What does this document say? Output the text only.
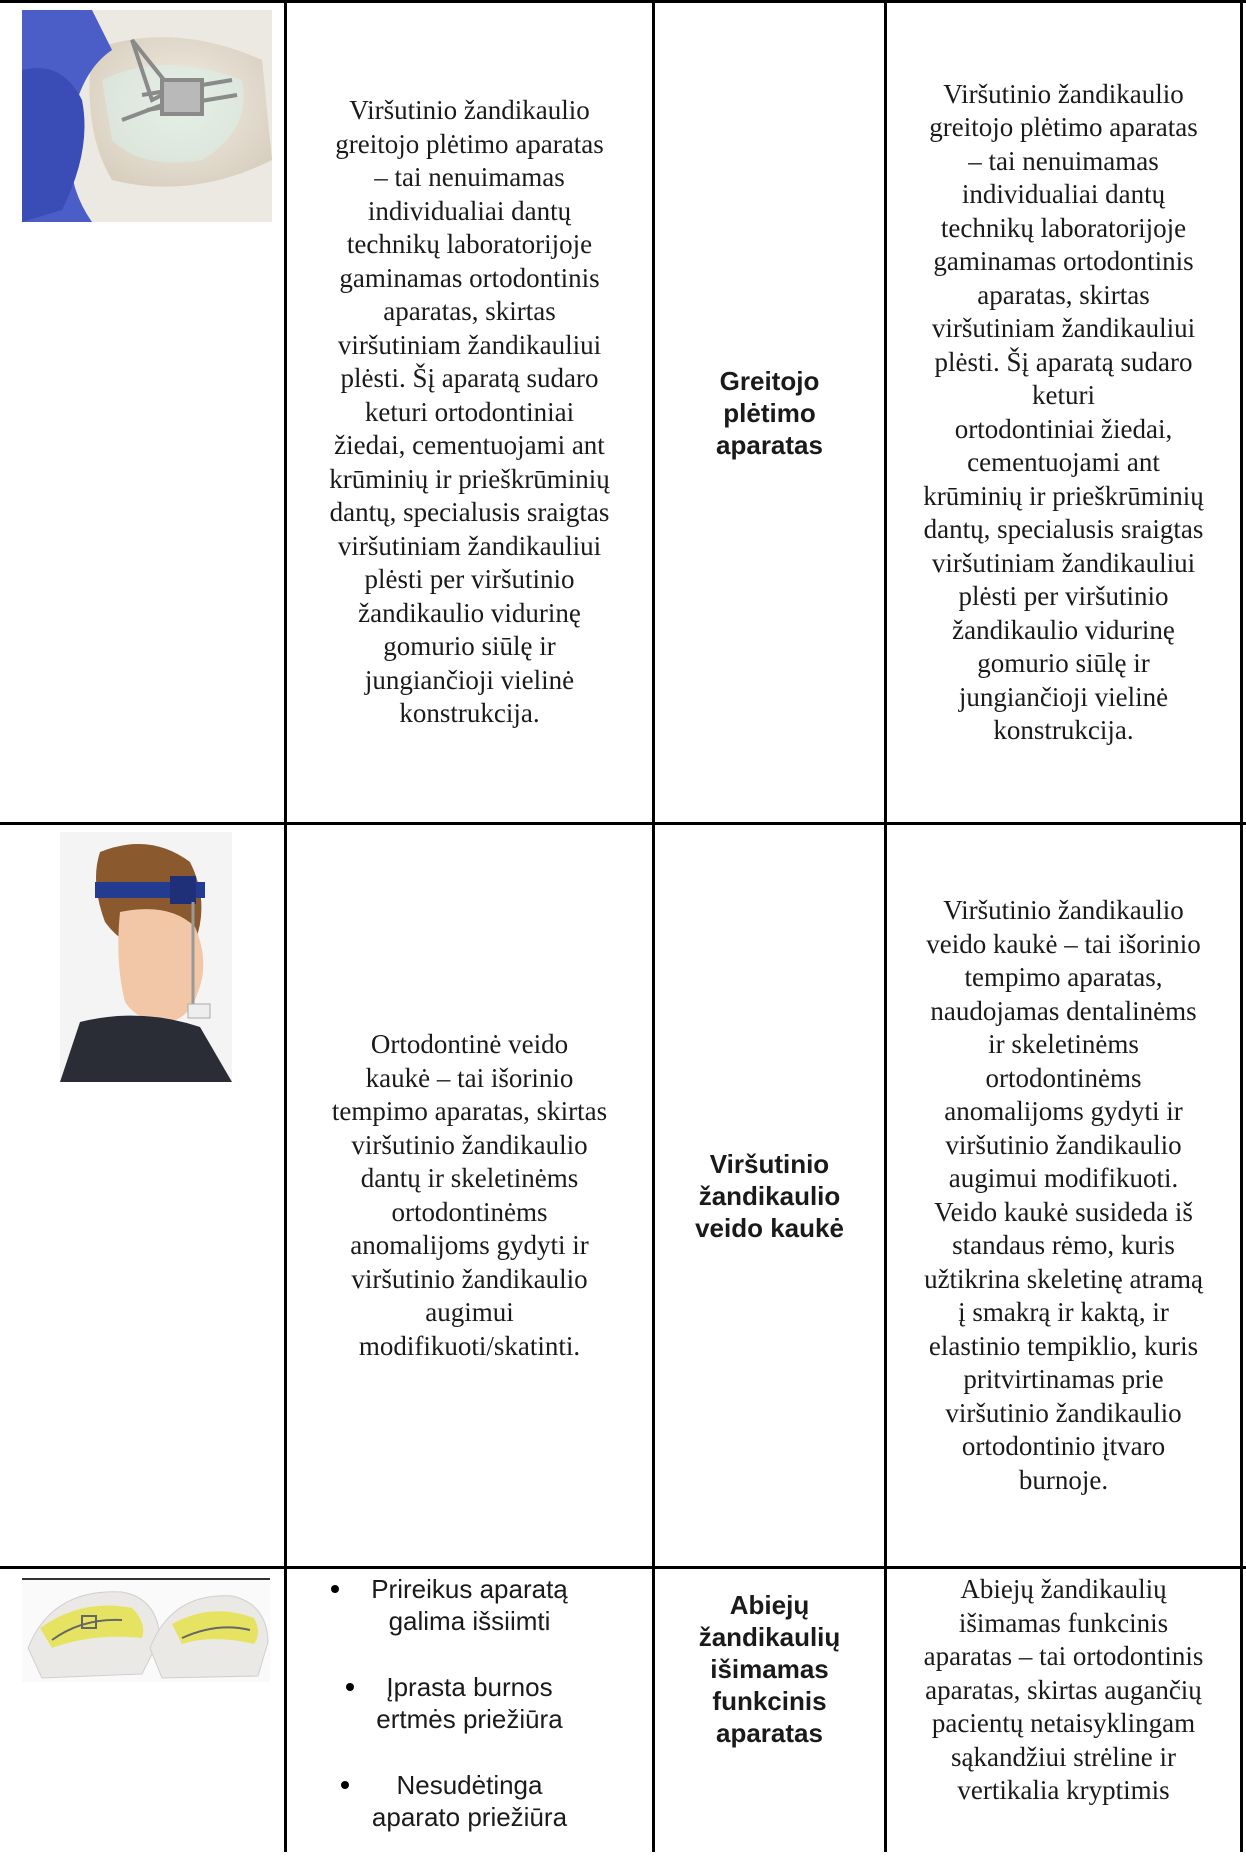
Viršutinio žandikaulio
greitojo plėtimo aparatas
– tai nenuimamas
individualiai dantų
technikų laboratorijoje
gaminamas ortodontinis
aparatas, skirtas
viršutiniam žandikauliui
plėsti. Šį aparatą sudaro
keturi ortodontiniai
žiedai, cementuojami ant
krūminių ir prieškrūminių
dantų, specialusis sraigtas
viršutiniam žandikauliui
plėsti per viršutinio
žandikaulio vidurinę
gomurio siūlę ir
jungiančioji vielinė
konstrukcija.
Greitojo
plėtimo
aparatas
Viršutinio žandikaulio
greitojo plėtimo aparatas
– tai nenuimamas
individualiai dantų
technikų laboratorijoje
gaminamas ortodontinis
aparatas, skirtas
viršutiniam žandikauliui
plėsti. Šį aparatą sudaro
keturi
ortodontiniai žiedai,
cementuojami ant
krūminių ir prieškrūminių
dantų, specialusis sraigtas
viršutiniam žandikauliui
plėsti per viršutinio
žandikaulio vidurinę
gomurio siūlę ir
jungiančioji vielinė
konstrukcija.
Ortodontinė veido
kaukė – tai išorinio
tempimo aparatas, skirtas
viršutinio žandikaulio
dantų ir skeletinėms
ortodontinėms
anomalijoms gydyti ir
viršutinio žandikaulio
augimui
modifikuoti/skatinti.
Viršutinio
žandikaulio
veido kaukė
Viršutinio žandikaulio
veido kaukė – tai išorinio
tempimo aparatas,
naudojamas dentalinėms
ir skeletinėms
ortodontinėms
anomalijoms gydyti ir
viršutinio žandikaulio
augimui modifikuoti.
Veido kaukė susideda iš
standaus rėmo, kuris
užtikrina skeletinę atramą
į smakrą ir kaktą, ir
elastinio tempiklio, kuris
pritvirtinamas prie
viršutinio žandikaulio
ortodontinio įtvaro
burnoje.
Prireikus aparatą
galima išsiimti
Įprasta burnos
ertmės priežiūra
Nesudėtinga
aparato priežiūra
Abiejų
žandikaulių
išimamas
funkcinis
aparatas
Abiejų žandikaulių
išimamas funkcinis
aparatas – tai ortodontinis
aparatas, skirtas augančių
pacientų netaisyklingam
sąkandžiui strėline ir
vertikalia kryptimis
